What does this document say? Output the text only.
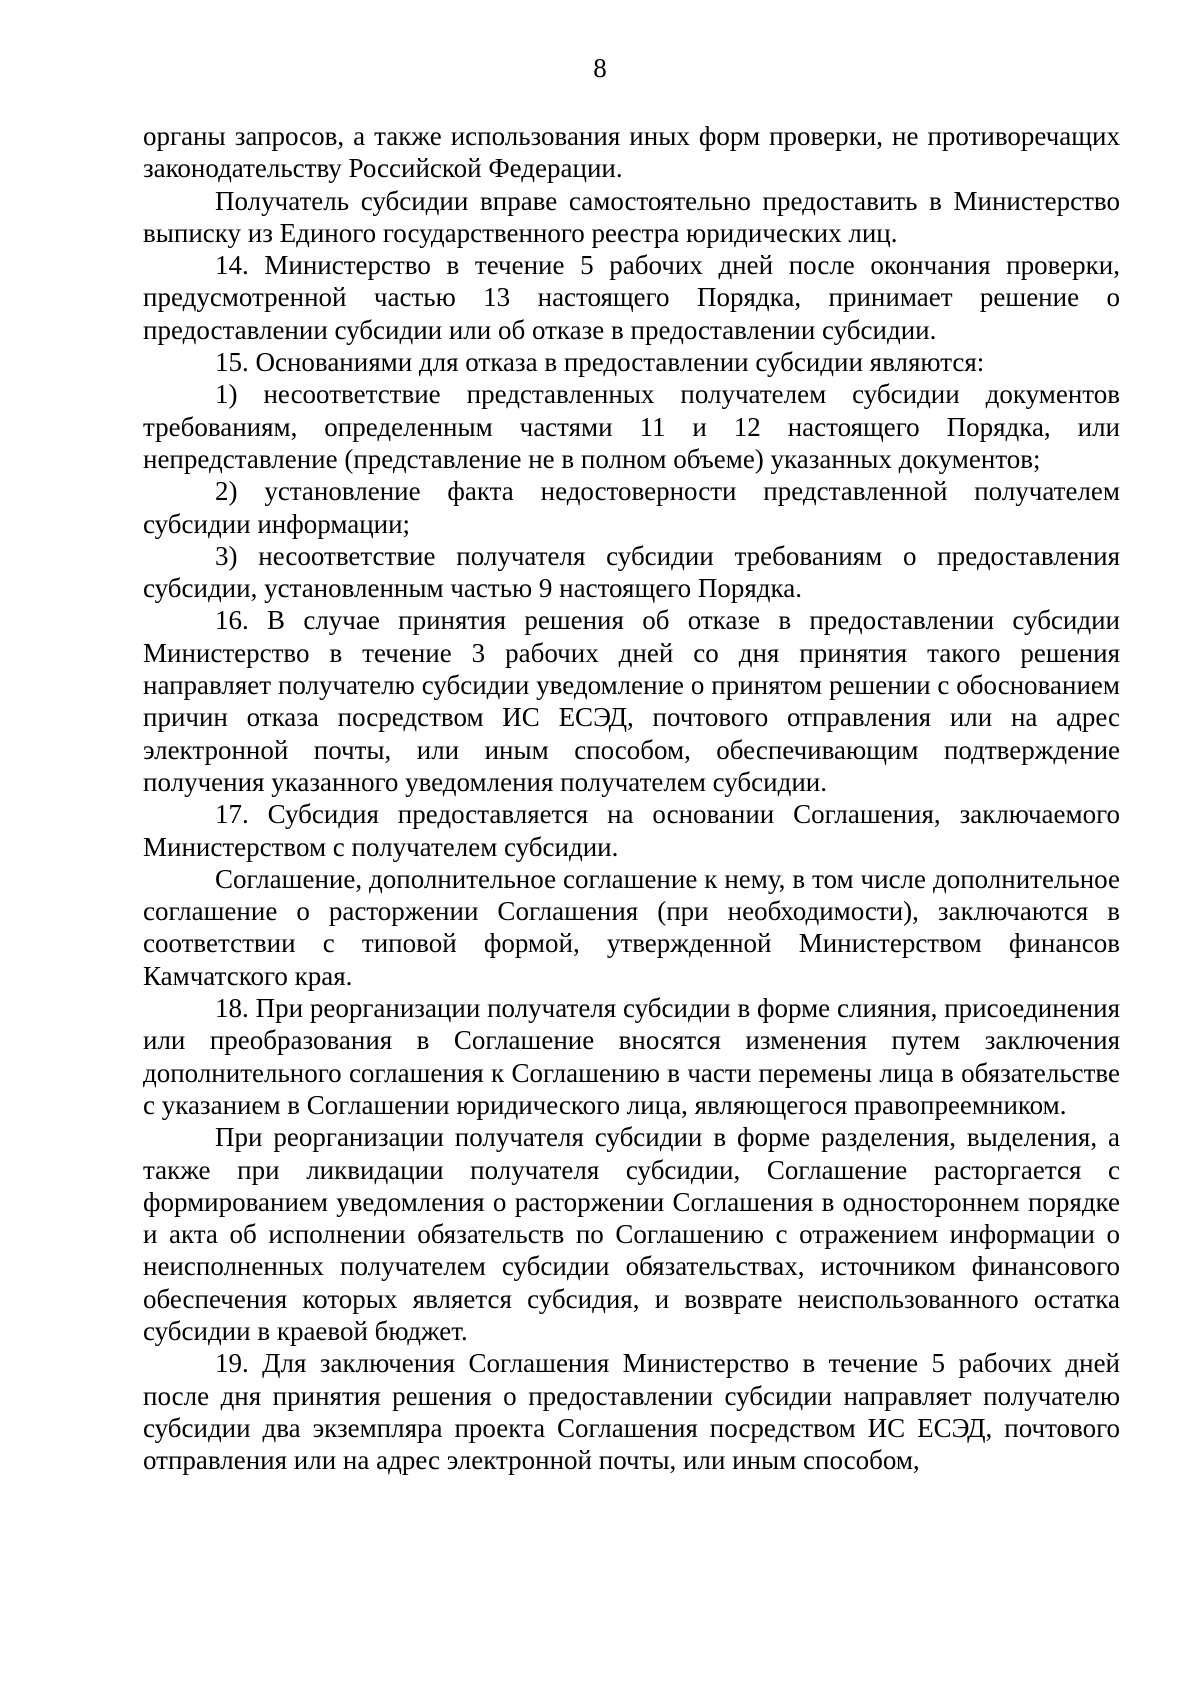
8

органы запросов, а также использования иных форм проверки, не противоречащих законодательству Российской Федерации.

Получатель субсидии вправе самостоятельно предоставить в Министерство выписку из Единого государственного реестра юридических лиц.

14. Министерство в течение 5 рабочих дней после окончания проверки, предусмотренной частью 13 настоящего Порядка, принимает решение о предоставлении субсидии или об отказе в предоставлении субсидии.

15. Основаниями для отказа в предоставлении субсидии являются:

1) несоответствие представленных получателем субсидии документов требованиям, определенным частями 11 и 12 настоящего Порядка, или непредставление (представление не в полном объеме) указанных документов;

2) установление факта недостоверности представленной получателем субсидии информации;

3) несоответствие получателя субсидии требованиям о предоставления субсидии, установленным частью 9 настоящего Порядка.

16. В случае принятия решения об отказе в предоставлении субсидии Министерство в течение 3 рабочих дней со дня принятия такого решения направляет получателю субсидии уведомление о принятом решении с обоснованием причин отказа посредством ИС ЕСЭД, почтового отправления или на адрес электронной почты, или иным способом, обеспечивающим подтверждение получения указанного уведомления получателем субсидии.

17. Субсидия предоставляется на основании Соглашения, заключаемого Министерством с получателем субсидии.

Соглашение, дополнительное соглашение к нему, в том числе дополнительное соглашение о расторжении Соглашения (при необходимости), заключаются в соответствии с типовой формой, утвержденной Министерством финансов Камчатского края.

18. При реорганизации получателя субсидии в форме слияния, присоединения или преобразования в Соглашение вносятся изменения путем заключения дополнительного соглашения к Соглашению в части перемены лица в обязательстве с указанием в Соглашении юридического лица, являющегося правопреемником.

При реорганизации получателя субсидии в форме разделения, выделения, а также при ликвидации получателя субсидии, Соглашение расторгается с формированием уведомления о расторжении Соглашения в одностороннем порядке и акта об исполнении обязательств по Соглашению с отражением информации о неисполненных получателем субсидии обязательствах, источником финансового обеспечения которых является субсидия, и возврате неиспользованного остатка субсидии в краевой бюджет.

19. Для заключения Соглашения Министерство в течение 5 рабочих дней после дня принятия решения о предоставлении субсидии направляет получателю субсидии два экземпляра проекта Соглашения посредством ИС ЕСЭД, почтового отправления или на адрес электронной почты, или иным способом,
